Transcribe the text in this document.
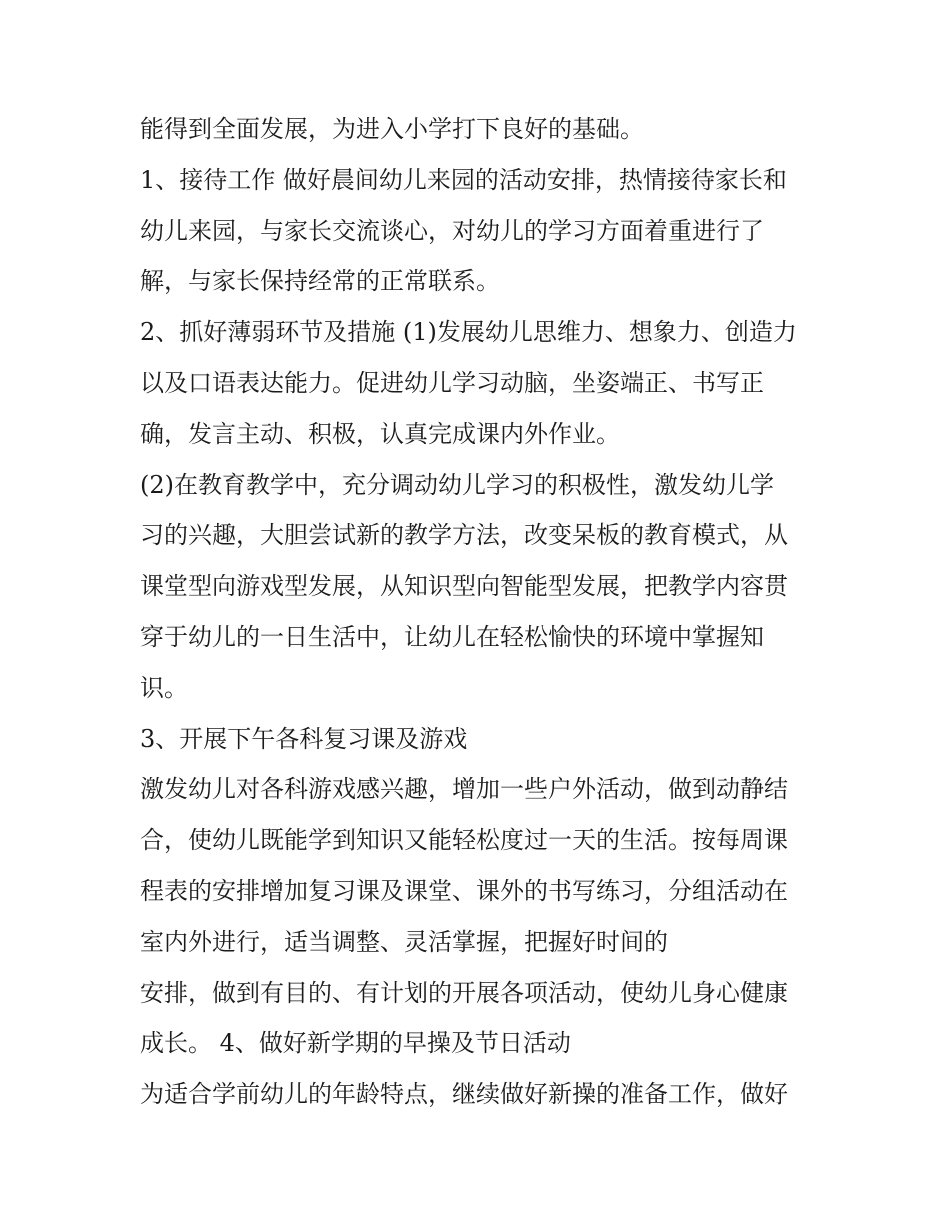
能得到全面发展，为进入小学打下良好的基础。
1、接待工作 做好晨间幼儿来园的活动安排，热情接待家长和
幼儿来园，与家长交流谈心，对幼儿的学习方面着重进行了
解，与家长保持经常的正常联系。
2、抓好薄弱环节及措施 (1)发展幼儿思维力、想象力、创造力
以及口语表达能力。促进幼儿学习动脑，坐姿端正、书写正
确，发言主动、积极，认真完成课内外作业。
(2)在教育教学中，充分调动幼儿学习的积极性，激发幼儿学
习的兴趣，大胆尝试新的教学方法，改变呆板的教育模式，从
课堂型向游戏型发展，从知识型向智能型发展，把教学内容贯
穿于幼儿的一日生活中，让幼儿在轻松愉快的环境中掌握知
识。
3、开展下午各科复习课及游戏
激发幼儿对各科游戏感兴趣，增加一些户外活动，做到动静结
合，使幼儿既能学到知识又能轻松度过一天的生活。按每周课
程表的安排增加复习课及课堂、课外的书写练习，分组活动在
室内外进行，适当调整、灵活掌握，把握好时间的
安排，做到有目的、有计划的开展各项活动，使幼儿身心健康
成长。 4、做好新学期的早操及节日活动
为适合学前幼儿的年龄特点，继续做好新操的准备工作，做好
